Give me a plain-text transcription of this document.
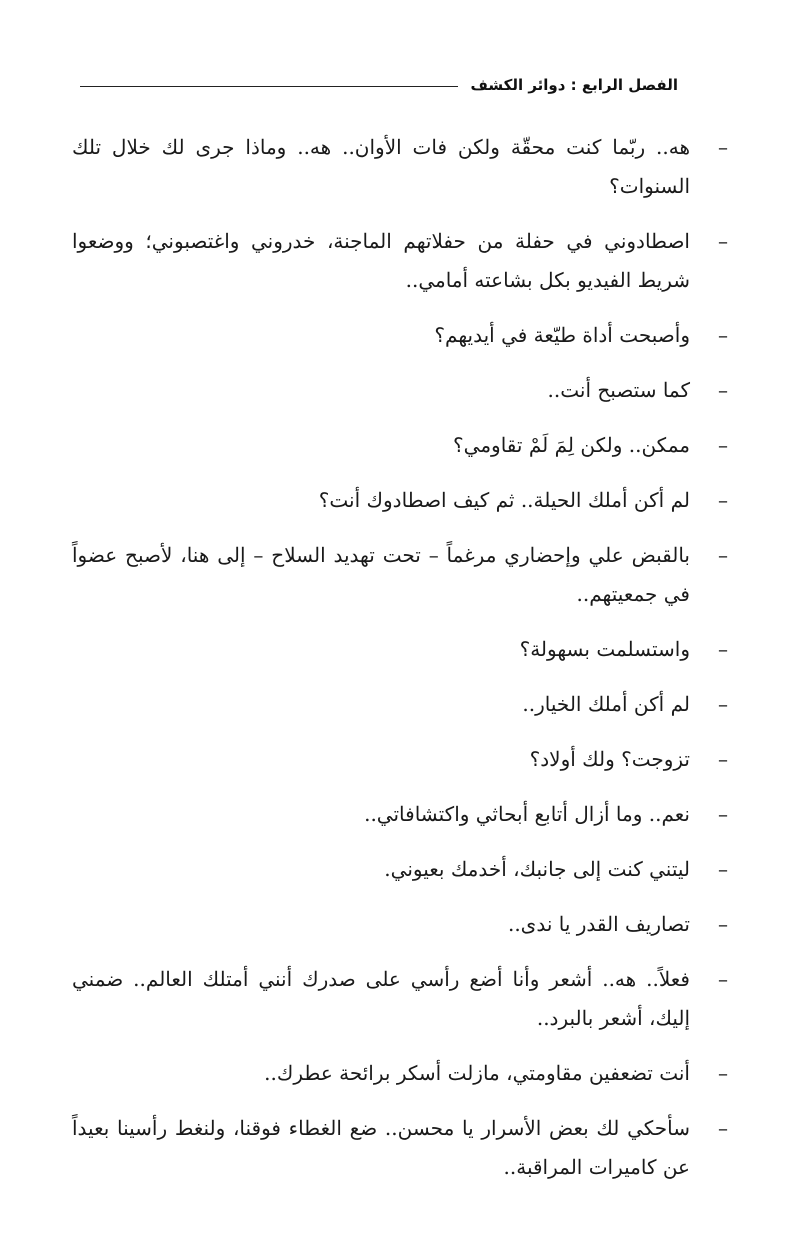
الفصل الرابع : دوائر الكشف
–
هه.. ربّما كنت محقّة ولكن فات الأوان.. هه.. وماذا جرى لك خلال تلك السنوات؟
–
اصطادوني في حفلة من حفلاتهم الماجنة، خدروني واغتصبوني؛ ووضعوا شريط الفيديو بكل بشاعته أمامي..
–
وأصبحت أداة طيّعة في أيديهم؟
–
كما ستصبح أنت..
–
ممكن.. ولكن لِمَ لَمْ تقاومي؟
–
لم أكن أملك الحيلة.. ثم كيف اصطادوك أنت؟
–
بالقبض علي وإحضاري مرغماً – تحت تهديد السلاح – إلى هنا، لأصبح عضواً في جمعيتهم..
–
واستسلمت بسهولة؟
–
لم أكن أملك الخيار..
–
تزوجت؟ ولك أولاد؟
–
نعم.. وما أزال أتابع أبحاثي واكتشافاتي..
–
ليتني كنت إلى جانبك، أخدمك بعيوني.
–
تصاريف القدر يا ندى..
–
فعلاً.. هه.. أشعر وأنا أضع رأسي على صدرك أنني أمتلك العالم.. ضمني إليك، أشعر بالبرد..
–
أنت تضعفين مقاومتي، مازلت أسكر برائحة عطرك..
–
سأحكي لك بعض الأسرار يا محسن.. ضع الغطاء فوقنا، ولنغط رأسينا بعيداً عن كاميرات المراقبة..
